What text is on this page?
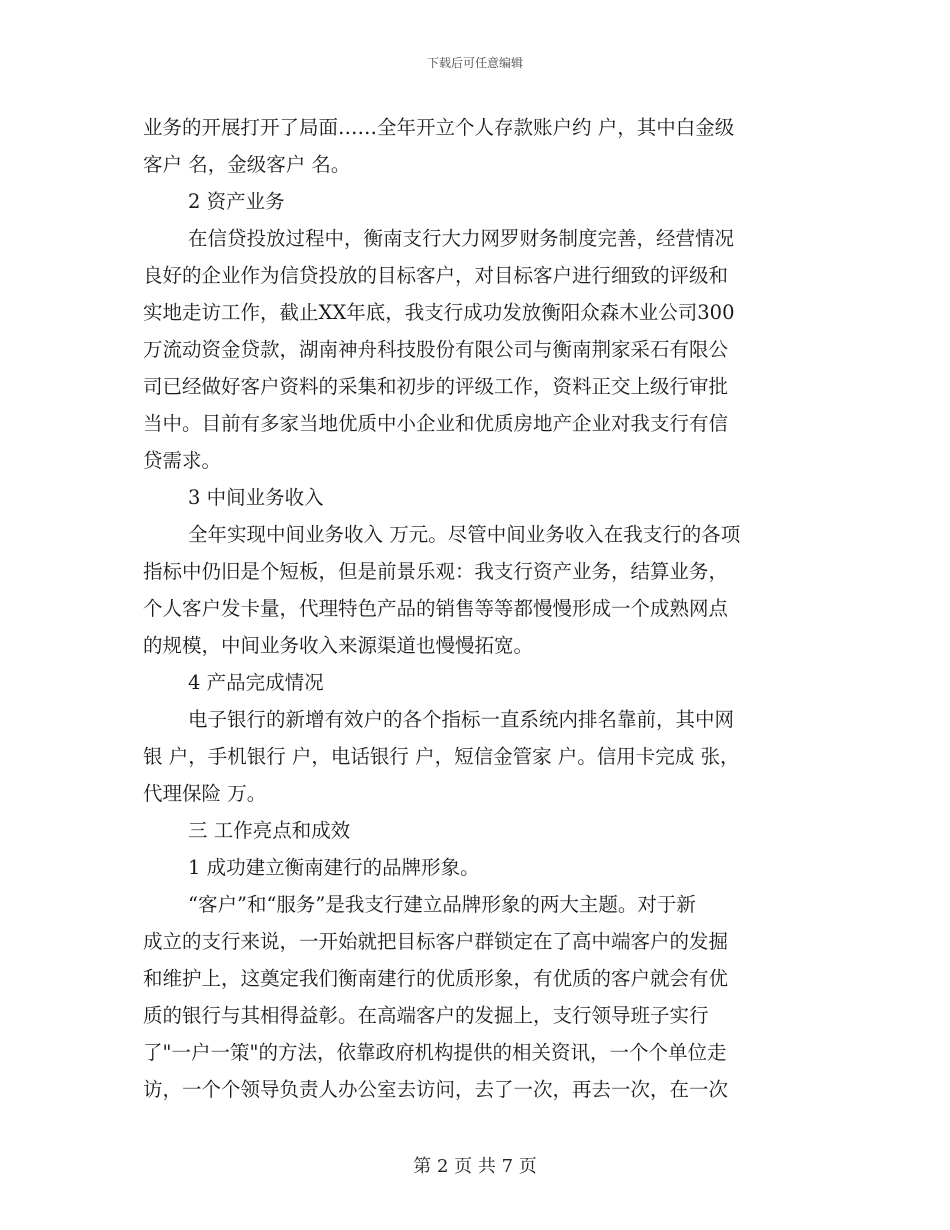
下载后可任意编辑
业务的开展打开了局面……全年开立个人存款账户约 户，其中白金级
客户 名，金级客户 名。
2 资产业务
在信贷投放过程中，衡南支行大力网罗财务制度完善，经营情况
良好的企业作为信贷投放的目标客户，对目标客户进行细致的评级和
实地走访工作，截止XX年底，我支行成功发放衡阳众森木业公司300
万流动资金贷款，湖南神舟科技股份有限公司与衡南荆家采石有限公
司已经做好客户资料的采集和初步的评级工作，资料正交上级行审批
当中。目前有多家当地优质中小企业和优质房地产企业对我支行有信
贷需求。
3 中间业务收入
全年实现中间业务收入 万元。尽管中间业务收入在我支行的各项
指标中仍旧是个短板，但是前景乐观：我支行资产业务，结算业务，
个人客户发卡量，代理特色产品的销售等等都慢慢形成一个成熟网点
的规模，中间业务收入来源渠道也慢慢拓宽。
4 产品完成情况
电子银行的新增有效户的各个指标一直系统内排名靠前，其中网
银 户，手机银行 户，电话银行 户，短信金管家 户。信用卡完成 张，
代理保险 万。
三 工作亮点和成效
1 成功建立衡南建行的品牌形象。
“客户”和“服务”是我支行建立品牌形象的两大主题。对于新
成立的支行来说，一开始就把目标客户群锁定在了高中端客户的发掘
和维护上，这奠定我们衡南建行的优质形象，有优质的客户就会有优
质的银行与其相得益彰。在高端客户的发掘上，支行领导班子实行
了"一户一策"的方法，依靠政府机构提供的相关资讯，一个个单位走
访，一个个领导负责人办公室去访问，去了一次，再去一次，在一次
第 2 页 共 7 页
